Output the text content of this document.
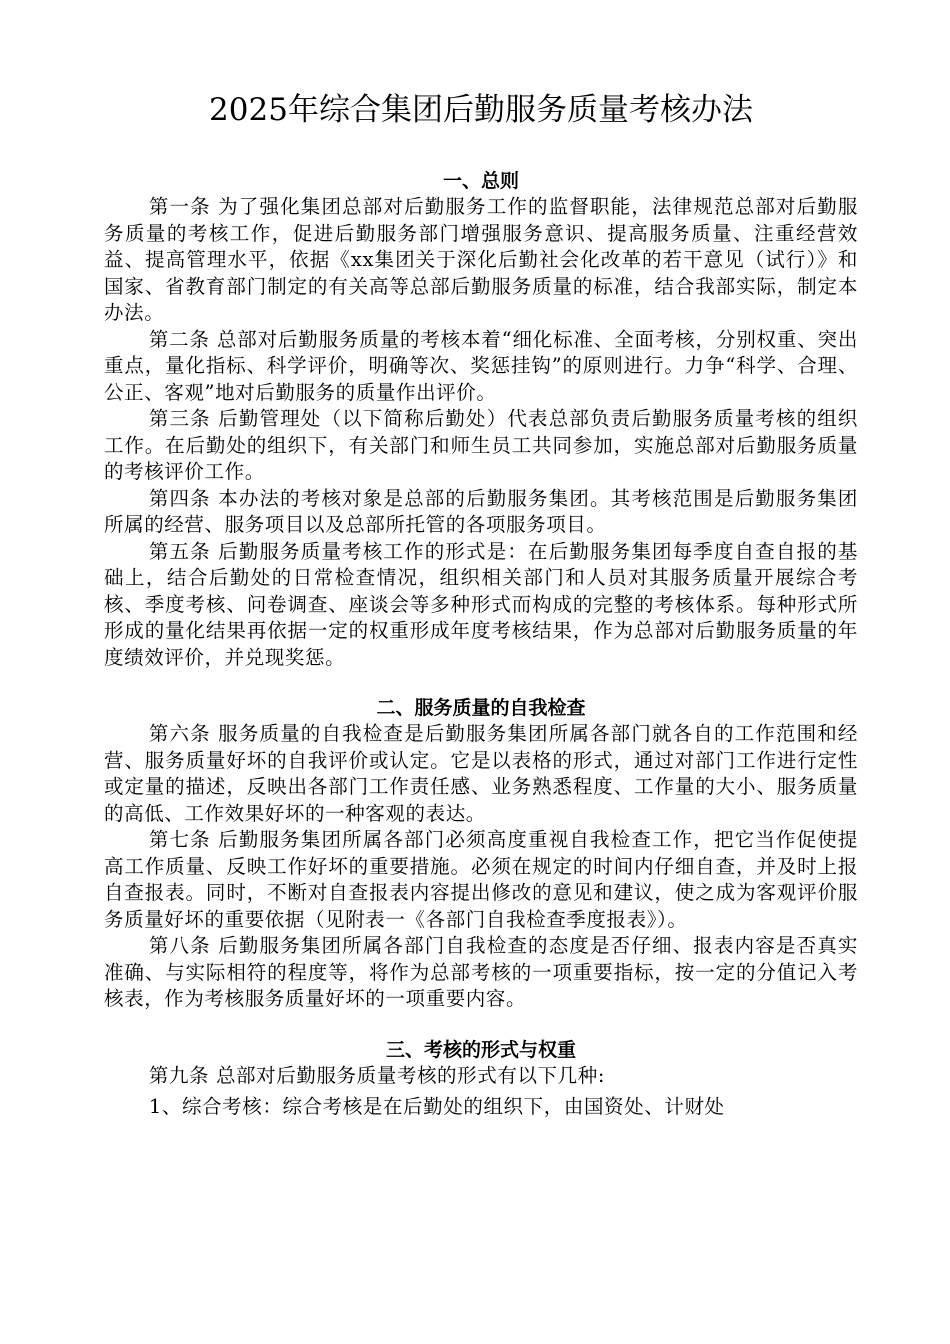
2025年综合集团后勤服务质量考核办法
一、总则

第一条 为了强化集团总部对后勤服务工作的监督职能，法律规范总部对后勤服务质量的考核工作，促进后勤服务部门增强服务意识、提高服务质量、注重经营效益、提高管理水平，依据《xx集团关于深化后勤社会化改革的若干意见（试行）》和国家、省教育部门制定的有关高等总部后勤服务质量的标准，结合我部实际，制定本办法。

第二条 总部对后勤服务质量的考核本着“细化标准、全面考核，分别权重、突出重点，量化指标、科学评价，明确等次、奖惩挂钩”的原则进行。力争“科学、合理、公正、客观”地对后勤服务的质量作出评价。

第三条 后勤管理处（以下简称后勤处）代表总部负责后勤服务质量考核的组织工作。在后勤处的组织下，有关部门和师生员工共同参加，实施总部对后勤服务质量的考核评价工作。

第四条 本办法的考核对象是总部的后勤服务集团。其考核范围是后勤服务集团所属的经营、服务项目以及总部所托管的各项服务项目。

第五条 后勤服务质量考核工作的形式是：在后勤服务集团每季度自查自报的基础上，结合后勤处的日常检查情况，组织相关部门和人员对其服务质量开展综合考核、季度考核、问卷调查、座谈会等多种形式而构成的完整的考核体系。每种形式所形成的量化结果再依据一定的权重形成年度考核结果，作为总部对后勤服务质量的年度绩效评价，并兑现奖惩。

二、服务质量的自我检查

第六条 服务质量的自我检查是后勤服务集团所属各部门就各自的工作范围和经营、服务质量好坏的自我评价或认定。它是以表格的形式，通过对部门工作进行定性或定量的描述，反映出各部门工作责任感、业务熟悉程度、工作量的大小、服务质量的高低、工作效果好坏的一种客观的表达。

第七条 后勤服务集团所属各部门必须高度重视自我检查工作，把它当作促使提高工作质量、反映工作好坏的重要措施。必须在规定的时间内仔细自查，并及时上报自查报表。同时，不断对自查报表内容提出修改的意见和建议，使之成为客观评价服务质量好坏的重要依据（见附表一《各部门自我检查季度报表》）。

第八条 后勤服务集团所属各部门自我检查的态度是否仔细、报表内容是否真实准确、与实际相符的程度等，将作为总部考核的一项重要指标，按一定的分值记入考核表，作为考核服务质量好坏的一项重要内容。

三、考核的形式与权重

第九条 总部对后勤服务质量考核的形式有以下几种:

1、综合考核：综合考核是在后勤处的组织下，由国资处、计财处
